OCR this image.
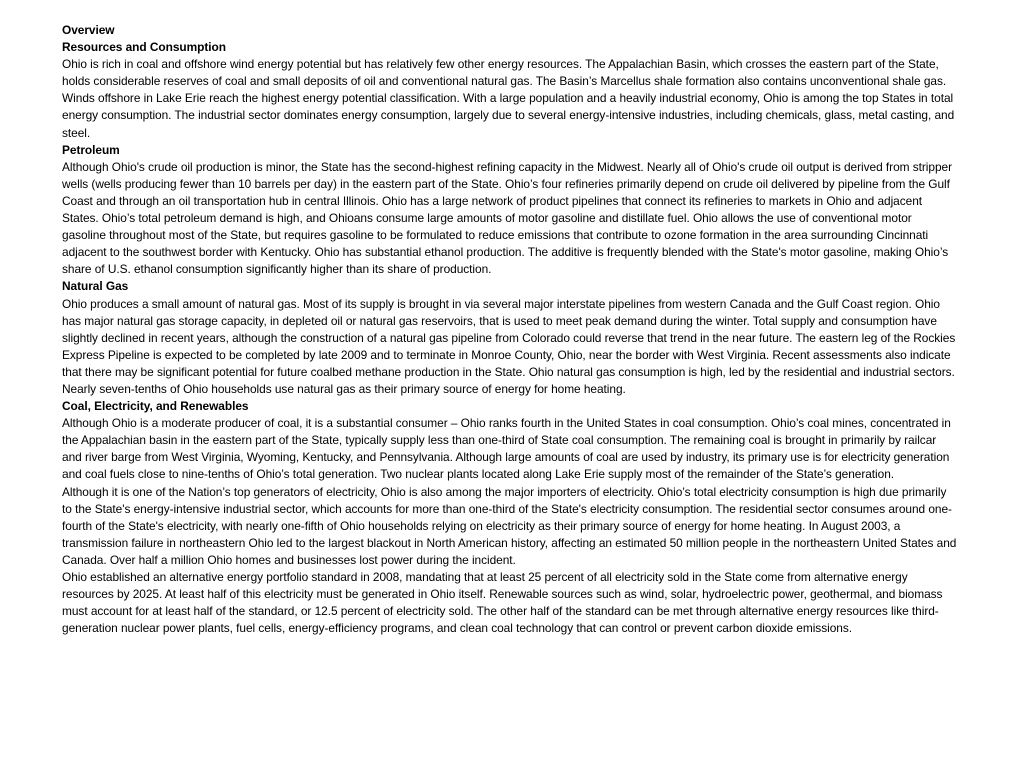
Overview

Resources and Consumption

Ohio is rich in coal and offshore wind energy potential but has relatively few other energy resources. The Appalachian Basin, which crosses the eastern part of the State, holds considerable reserves of coal and small deposits of oil and conventional natural gas. The Basin’s Marcellus shale formation also contains unconventional shale gas. Winds offshore in Lake Erie reach the highest energy potential classification. With a large population and a heavily industrial economy, Ohio is among the top States in total energy consumption. The industrial sector dominates energy consumption, largely due to several energy-intensive industries, including chemicals, glass, metal casting, and steel.

Petroleum

Although Ohio's crude oil production is minor, the State has the second-highest refining capacity in the Midwest. Nearly all of Ohio's crude oil output is derived from stripper wells (wells producing fewer than 10 barrels per day) in the eastern part of the State. Ohio’s four refineries primarily depend on crude oil delivered by pipeline from the Gulf Coast and through an oil transportation hub in central Illinois. Ohio has a large network of product pipelines that connect its refineries to markets in Ohio and adjacent States. Ohio’s total petroleum demand is high, and Ohioans consume large amounts of motor gasoline and distillate fuel. Ohio allows the use of conventional motor gasoline throughout most of the State, but requires gasoline to be formulated to reduce emissions that contribute to ozone formation in the area surrounding Cincinnati adjacent to the southwest border with Kentucky. Ohio has substantial ethanol production. The additive is frequently blended with the State's motor gasoline, making Ohio’s share of U.S. ethanol consumption significantly higher than its share of production.

Natural Gas

Ohio produces a small amount of natural gas. Most of its supply is brought in via several major interstate pipelines from western Canada and the Gulf Coast region. Ohio has major natural gas storage capacity, in depleted oil or natural gas reservoirs, that is used to meet peak demand during the winter. Total supply and consumption have slightly declined in recent years, although the construction of a natural gas pipeline from Colorado could reverse that trend in the near future. The eastern leg of the Rockies Express Pipeline is expected to be completed by late 2009 and to terminate in Monroe County, Ohio, near the border with West Virginia. Recent assessments also indicate that there may be significant potential for future coalbed methane production in the State. Ohio natural gas consumption is high, led by the residential and industrial sectors. Nearly seven-tenths of Ohio households use natural gas as their primary source of energy for home heating.

Coal, Electricity, and Renewables

Although Ohio is a moderate producer of coal, it is a substantial consumer – Ohio ranks fourth in the United States in coal consumption. Ohio’s coal mines, concentrated in the Appalachian basin in the eastern part of the State, typically supply less than one-third of State coal consumption. The remaining coal is brought in primarily by railcar and river barge from West Virginia, Wyoming, Kentucky, and Pennsylvania. Although large amounts of coal are used by industry, its primary use is for electricity generation and coal fuels close to nine-tenths of Ohio’s total generation. Two nuclear plants located along Lake Erie supply most of the remainder of the State’s generation.

Although it is one of the Nation’s top generators of electricity, Ohio is also among the major importers of electricity. Ohio’s total electricity consumption is high due primarily to the State's energy-intensive industrial sector, which accounts for more than one-third of the State's electricity consumption. The residential sector consumes around one-fourth of the State's electricity, with nearly one-fifth of Ohio households relying on electricity as their primary source of energy for home heating. In August 2003, a transmission failure in northeastern Ohio led to the largest blackout in North American history, affecting an estimated 50 million people in the northeastern United States and Canada. Over half a million Ohio homes and businesses lost power during the incident.

Ohio established an alternative energy portfolio standard in 2008, mandating that at least 25 percent of all electricity sold in the State come from alternative energy resources by 2025. At least half of this electricity must be generated in Ohio itself. Renewable sources such as wind, solar, hydroelectric power, geothermal, and biomass must account for at least half of the standard, or 12.5 percent of electricity sold. The other half of the standard can be met through alternative energy resources like third-generation nuclear power plants, fuel cells, energy-efficiency programs, and clean coal technology that can control or prevent carbon dioxide emissions.
